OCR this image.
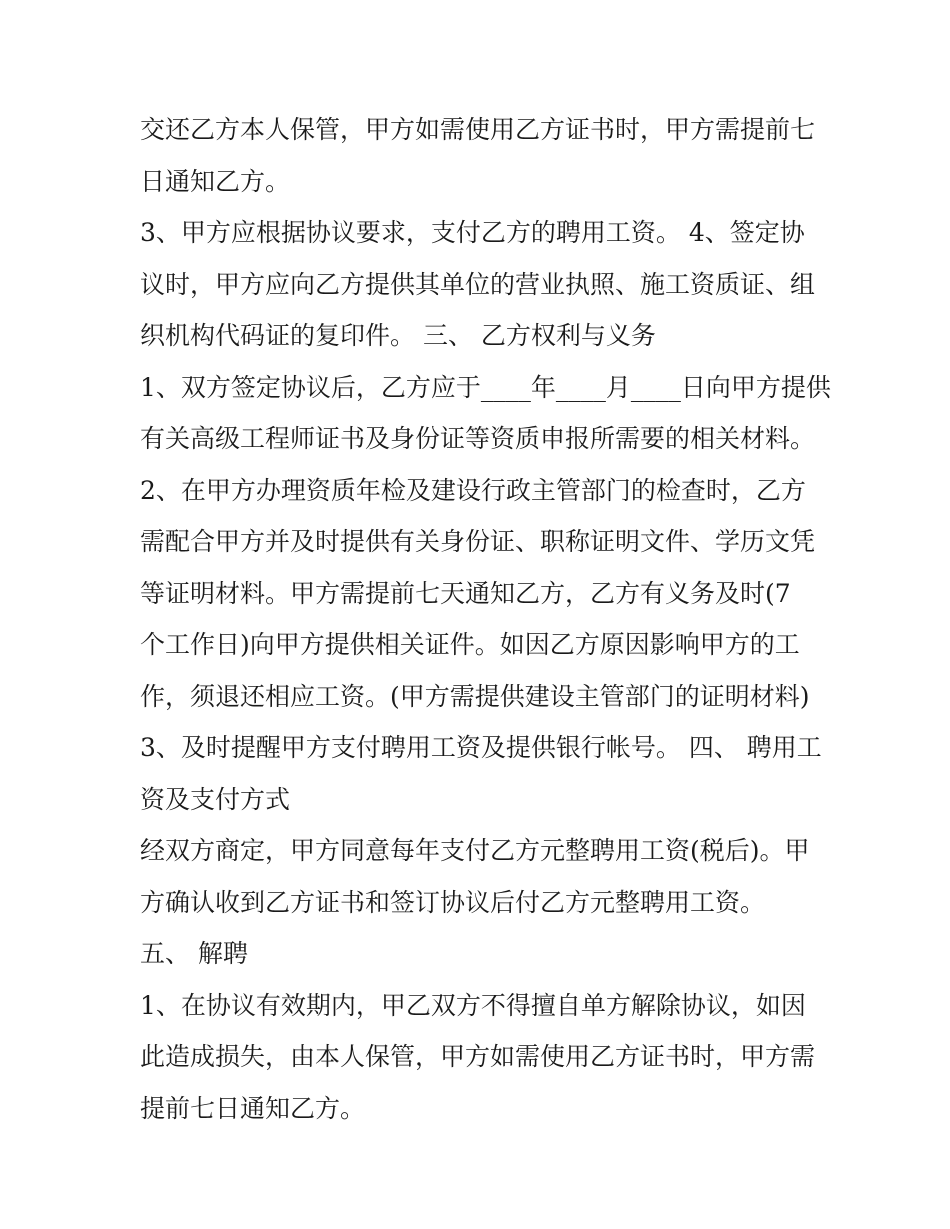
交还乙方本人保管，甲方如需使用乙方证书时，甲方需提前七
日通知乙方。
3、甲方应根据协议要求，支付乙方的聘用工资。 4、签定协
议时，甲方应向乙方提供其单位的营业执照、施工资质证、组
织机构代码证的复印件。 三、 乙方权利与义务
1、双方签定协议后，乙方应于____年____月____日向甲方提供
有关高级工程师证书及身份证等资质申报所需要的相关材料。
2、在甲方办理资质年检及建设行政主管部门的检查时，乙方
需配合甲方并及时提供有关身份证、职称证明文件、学历文凭
等证明材料。甲方需提前七天通知乙方，乙方有义务及时(7
个工作日)向甲方提供相关证件。如因乙方原因影响甲方的工
作，须退还相应工资。(甲方需提供建设主管部门的证明材料)
3、及时提醒甲方支付聘用工资及提供银行帐号。 四、 聘用工
资及支付方式
经双方商定，甲方同意每年支付乙方元整聘用工资(税后)。甲
方确认收到乙方证书和签订协议后付乙方元整聘用工资。
五、 解聘
1、在协议有效期内，甲乙双方不得擅自单方解除协议，如因
此造成损失，由本人保管，甲方如需使用乙方证书时，甲方需
提前七日通知乙方。
